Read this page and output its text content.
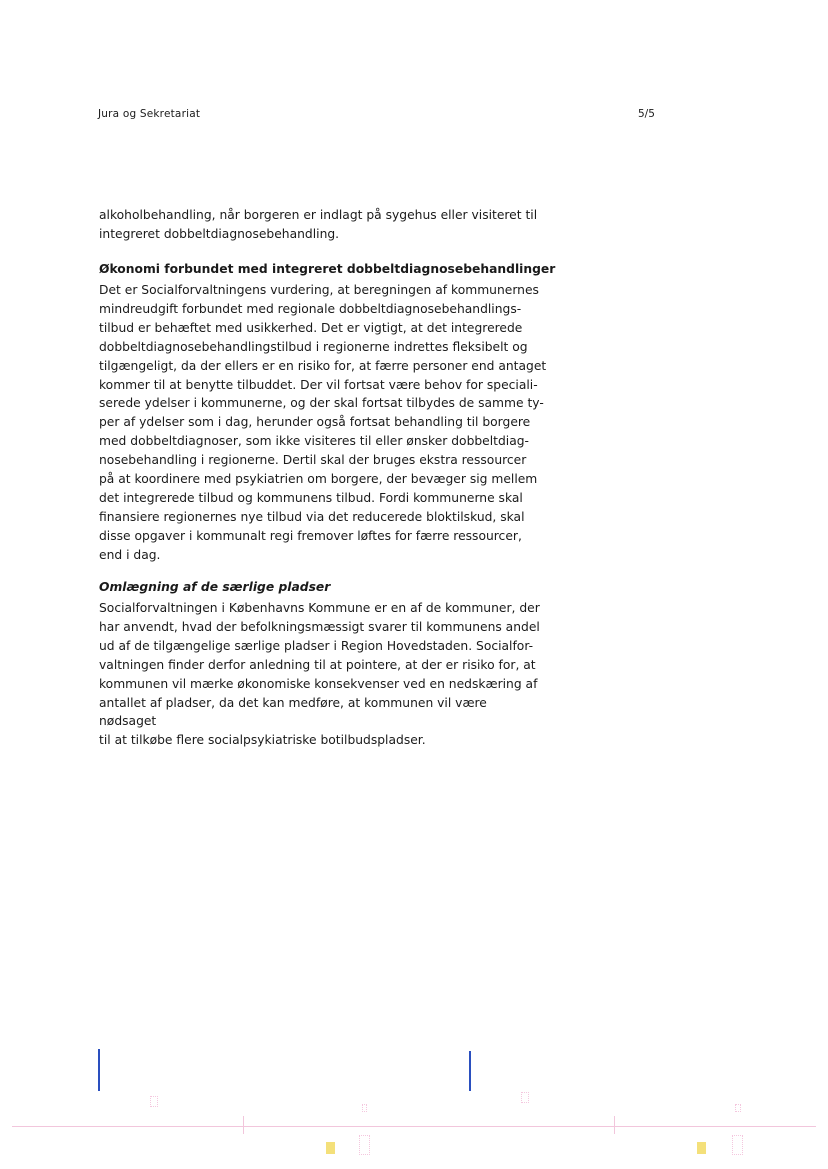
Jura og Sekretariat	5/5

alkoholbehandling, når borgeren er indlagt på sygehus eller visiteret til
integreret dobbeltdiagnosebehandling.

Økonomi forbundet med integreret dobbeltdiagnosebehandlinger

Det er Socialforvaltningens vurdering, at beregningen af kommunernes
mindreudgift forbundet med regionale dobbeltdiagnosebehandlings-
tilbud er behæftet med usikkerhed. Det er vigtigt, at det integrerede
dobbeltdiagnosebehandlingstilbud i regionerne indrettes fleksibelt og
tilgængeligt, da der ellers er en risiko for, at færre personer end antaget
kommer til at benytte tilbuddet. Der vil fortsat være behov for speciali-
serede ydelser i kommunerne, og der skal fortsat tilbydes de samme ty-
per af ydelser som i dag, herunder også fortsat behandling til borgere
med dobbeltdiagnoser, som ikke visiteres til eller ønsker dobbeltdiag-
nosebehandling i regionerne. Dertil skal der bruges ekstra ressourcer
på at koordinere med psykiatrien om borgere, der bevæger sig mellem
det integrerede tilbud og kommunens tilbud. Fordi kommunerne skal
finansiere regionernes nye tilbud via det reducerede bloktilskud, skal
disse opgaver i kommunalt regi fremover løftes for færre ressourcer,
end i dag.

Omlægning af de særlige pladser

Socialforvaltningen i Københavns Kommune er en af de kommuner, der
har anvendt, hvad der befolkningsmæssigt svarer til kommunens andel
ud af de tilgængelige særlige pladser i Region Hovedstaden. Socialfor-
valtningen finder derfor anledning til at pointere, at der er risiko for, at
kommunen vil mærke økonomiske konsekvenser ved en nedskæring af
antallet af pladser, da det kan medføre, at kommunen vil være nødsaget
til at tilkøbe flere socialpsykiatriske botilbudspladser.
